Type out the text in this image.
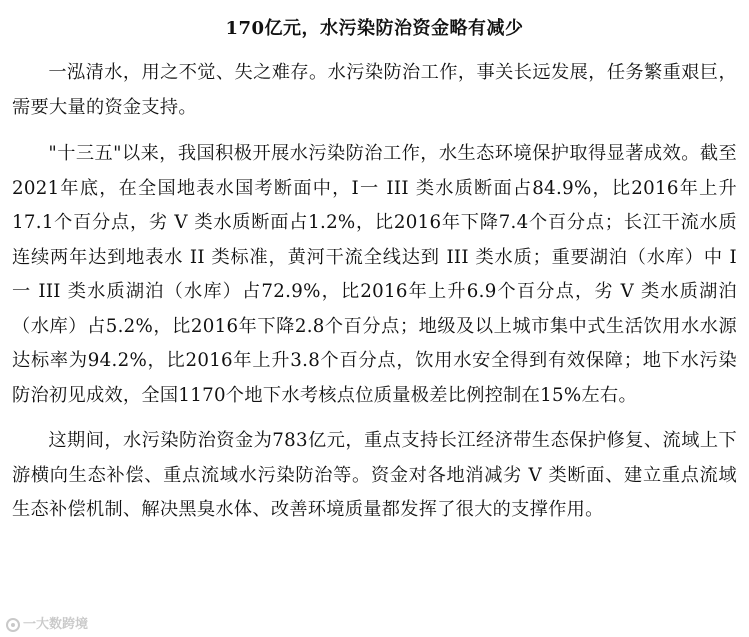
170亿元，水污染防治资金略有减少

一泓清水，用之不觉、失之难存。水污染防治工作，事关长远发展，任务繁重艰巨，需要大量的资金支持。

"十三五"以来，我国积极开展水污染防治工作，水生态环境保护取得显著成效。截至2021年底，在全国地表水国考断面中，I一 III 类水质断面占84.9%，比2016年上升17.1个百分点，劣 V 类水质断面占1.2%，比2016年下降7.4个百分点；长江干流水质连续两年达到地表水 II 类标准，黄河干流全线达到 III 类水质；重要湖泊（水库）中 I 一 III 类水质湖泊（水库）占72.9%，比2016年上升6.9个百分点，劣 V 类水质湖泊（水库）占5.2%，比2016年下降2.8个百分点；地级及以上城市集中式生活饮用水水源达标率为94.2%，比2016年上升3.8个百分点，饮用水安全得到有效保障；地下水污染防治初见成效，全国1170个地下水考核点位质量极差比例控制在15%左右。

这期间，水污染防治资金为783亿元，重点支持长江经济带生态保护修复、流域上下游横向生态补偿、重点流域水污染防治等。资金对各地消减劣 V 类断面、建立重点流域生态补偿机制、解决黑臭水体、改善环境质量都发挥了很大的支撑作用。

一大数跨境
